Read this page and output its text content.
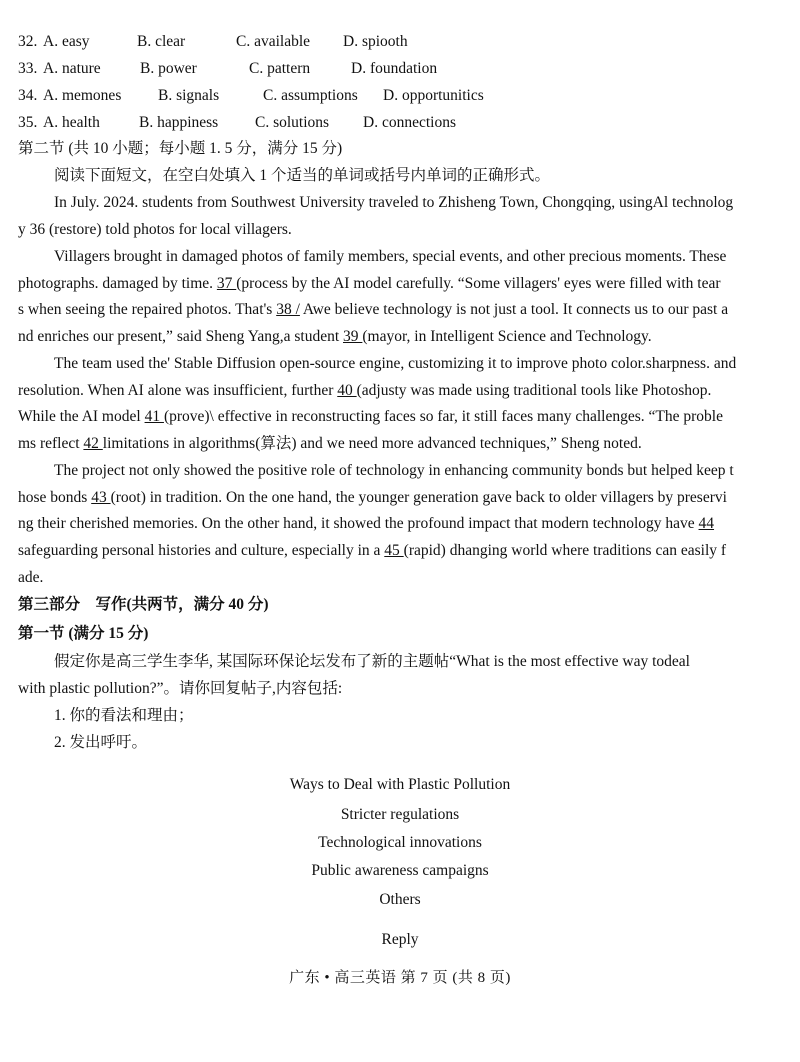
32. A. easy	B. clear	C. available D. spiooth
33. A. nature	B. power	C. pattern	D. foundation
34. A. memones B. signals	C. assumptions D. opportunitics
35. A. health	B. happiness C. solutions D. connections
第二节 (共 10 小题；每小题 1. 5 分，满分 15 分)
阅读下面短文，在空白处填入 1 个适当的单词或括号内单词的正确形式。
In July. 2024. students from Southwest University traveled to Zhisheng Town, Chongqing, usingAl technolog
y 36 (restore) told photos for local villagers.
Villagers brought in damaged photos of family members, special events, and other precious moments. These
photographs. damaged by time. 37 (process by the AI model carefully. “Some villagers' eyes were filled with tear
s when seeing the repaired photos. That's 38 / Awe believe technology is not just a tool. It connects us to our past a
nd enriches our present,” said Sheng Yang,a student 39 (mayor, in Intelligent Science and Technology.
The team used the' Stable Diffusion open-source engine, customizing it to improve photo color.sharpness. and
resolution. When AI alone was insufficient, further 40 (adjusty was made using traditional tools like Photoshop.
While the AI model 41 (prove)\ effective in reconstructing faces so far, it still faces many challenges. “The proble
ms reflect 42 limitations in algorithms(算法) and we need more advanced techniques,” Sheng noted.
The project not only showed the positive role of technology in enhancing community bonds but helped keep t
hose bonds 43 (root) in tradition. On the one hand, the younger generation gave back to older villagers by preservi
ng their cherished memories. On the other hand, it showed the profound impact that modern technology have 44
safeguarding personal histories and culture, especially in a 45 (rapid) dhanging world where traditions can easily f
ade.
第三部分　写作(共两节，满分 40 分)
第一节 (满分 15 分)
假定你是高三学生李华, 某国际环保论坛发布了新的主题帖“What is the most effective way todeal
with plastic pollution?”。请你回复帖子,内容包括:
1. 你的看法和理由；
2. 发出呼吁。
Ways to Deal with Plastic Pollution
Stricter regulations
Technological innovations
Public awareness campaigns
Others
Reply
广东 • 高三英语 第 7 页 (共 8 页)
